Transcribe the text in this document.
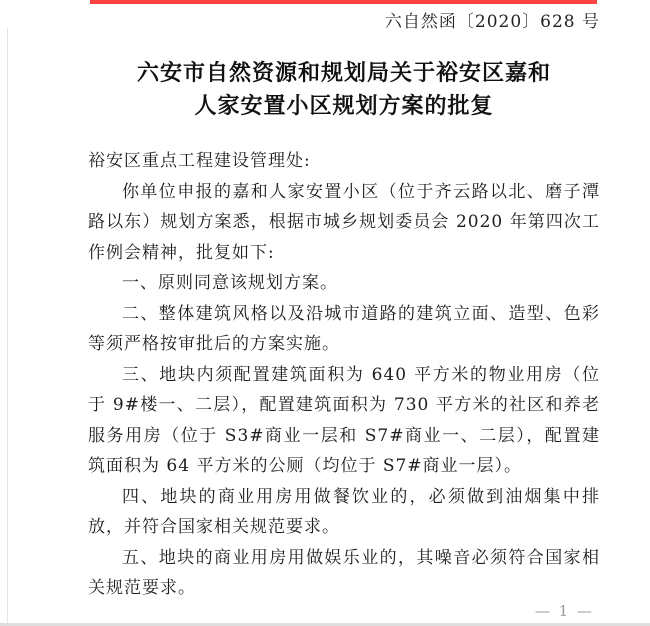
六自然函〔2020〕628 号
六安市自然资源和规划局关于裕安区嘉和
人家安置小区规划方案的批复

裕安区重点工程建设管理处:

你单位申报的嘉和人家安置小区（位于齐云路以北、磨子潭路以东）规划方案悉，根据市城乡规划委员会 2020 年第四次工作例会精神，批复如下:

一、原则同意该规划方案。

二、整体建筑风格以及沿城市道路的建筑立面、造型、色彩等须严格按审批后的方案实施。

三、地块内须配置建筑面积为 640 平方米的物业用房（位于 9#楼一、二层），配置建筑面积为 730 平方米的社区和养老服务用房（位于 S3#商业一层和 S7#商业一、二层），配置建筑面积为 64 平方米的公厕（均位于 S7#商业一层）。

四、地块的商业用房用做餐饮业的，必须做到油烟集中排放，并符合国家相关规范要求。

五、地块的商业用房用做娱乐业的，其噪音必须符合国家相关规范要求。

— 1 —
